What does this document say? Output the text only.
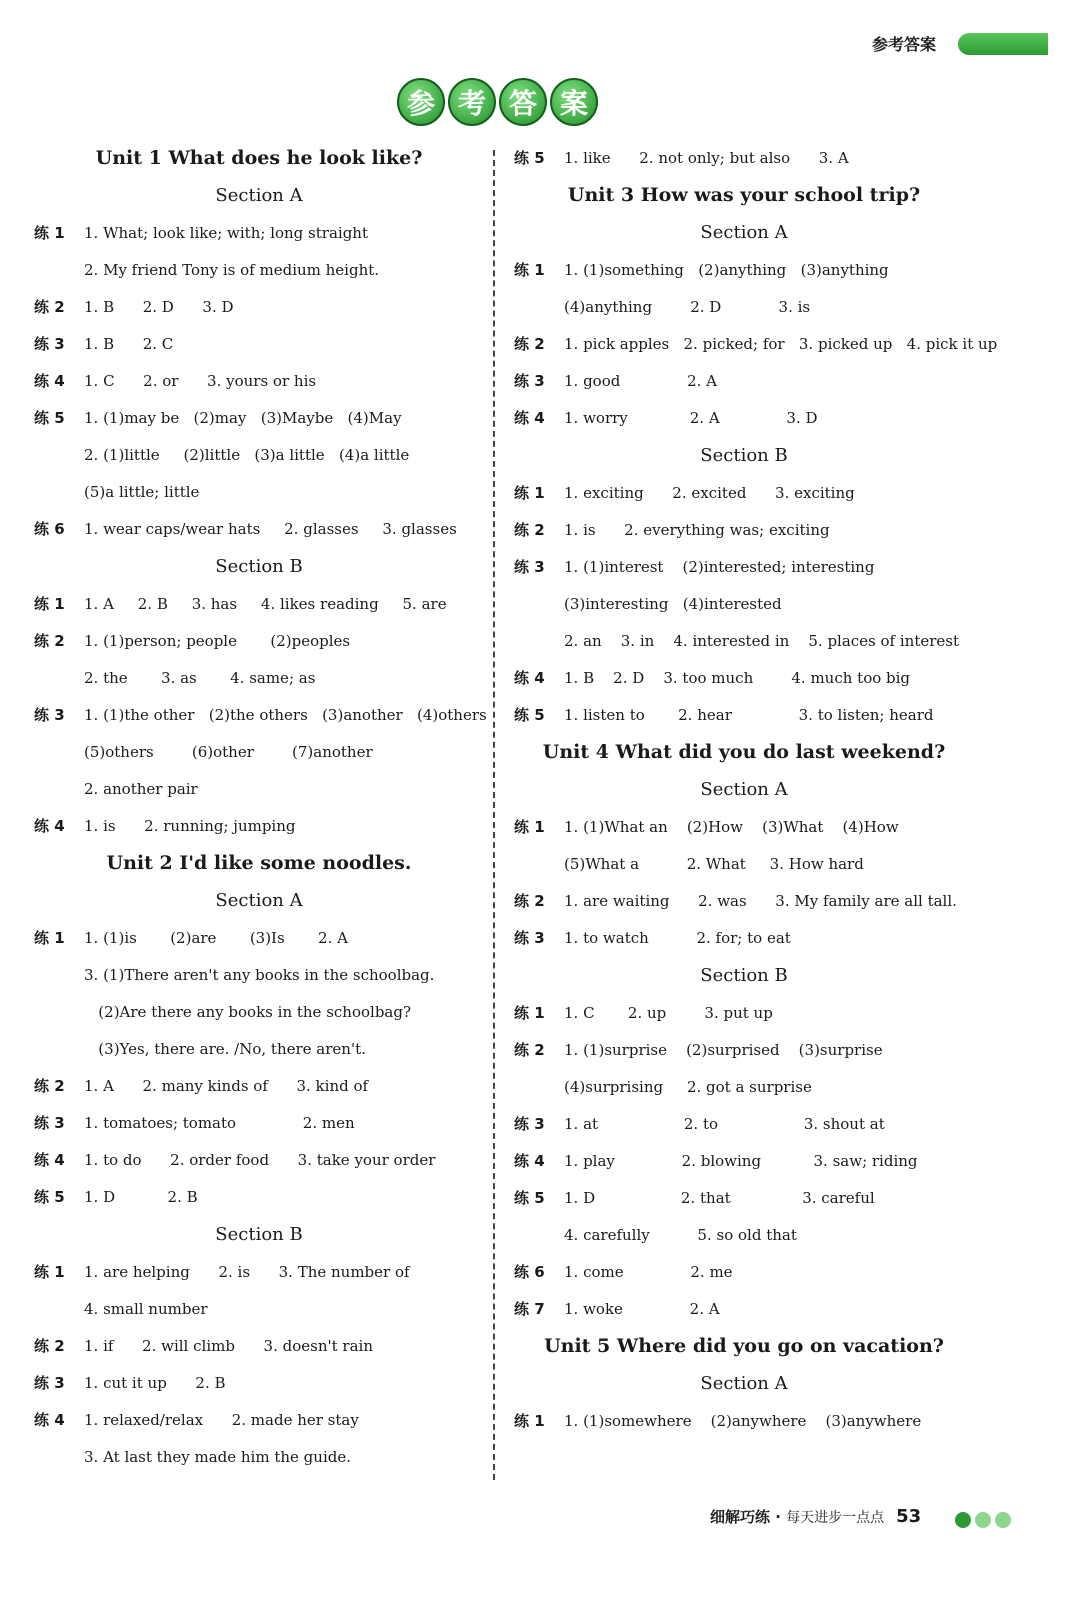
参考答案
参 考 答 案
Unit 1 What does he look like?
Section A
练 1 1. What; look like; with; long straight
2. My friend Tony is of medium height.
练 2 1. B      2. D      3. D
练 3 1. B      2. C
练 4 1. C      2. or      3. yours or his
练 5 1. (1)may be   (2)may   (3)Maybe   (4)May
2. (1)little     (2)little   (3)a little   (4)a little
(5)a little; little
练 6 1. wear caps/wear hats     2. glasses     3. glasses
Section B
练 1 1. A     2. B     3. has     4. likes reading     5. are
练 2 1. (1)person; people       (2)peoples
2. the       3. as       4. same; as
练 3 1. (1)the other   (2)the others   (3)another   (4)others
(5)others        (6)other        (7)another
2. another pair
练 4 1. is      2. running; jumping
Unit 2 I'd like some noodles.
Section A
练 1 1. (1)is       (2)are       (3)Is       2. A
3. (1)There aren't any books in the schoolbag.
(2)Are there any books in the schoolbag?
(3)Yes, there are. /No, there aren't.
练 2 1. A      2. many kinds of      3. kind of
练 3 1. tomatoes; tomato              2. men
练 4 1. to do      2. order food      3. take your order
练 5 1. D           2. B
Section B
练 1 1. are helping      2. is      3. The number of
4. small number
练 2 1. if      2. will climb      3. doesn't rain
练 3 1. cut it up      2. B
练 4 1. relaxed/relax      2. made her stay
3. At last they made him the guide.
练 5 1. like      2. not only; but also      3. A
Unit 3 How was your school trip?
Section A
练 1 1. (1)something   (2)anything   (3)anything
(4)anything        2. D            3. is
练 2 1. pick apples   2. picked; for   3. picked up   4. pick it up
练 3 1. good              2. A
练 4 1. worry             2. A              3. D
Section B
练 1 1. exciting      2. excited      3. exciting
练 2 1. is      2. everything was; exciting
练 3 1. (1)interest    (2)interested; interesting
(3)interesting   (4)interested
2. an    3. in    4. interested in    5. places of interest
练 4 1. B    2. D    3. too much        4. much too big
练 5 1. listen to       2. hear              3. to listen; heard
Unit 4 What did you do last weekend?
Section A
练 1 1. (1)What an    (2)How    (3)What    (4)How
(5)What a          2. What     3. How hard
练 2 1. are waiting      2. was      3. My family are all tall.
练 3 1. to watch          2. for; to eat
Section B
练 1 1. C       2. up        3. put up
练 2 1. (1)surprise    (2)surprised    (3)surprise
(4)surprising     2. got a surprise
练 3 1. at                  2. to                  3. shout at
练 4 1. play              2. blowing           3. saw; riding
练 5 1. D                  2. that               3. careful
4. carefully          5. so old that
练 6 1. come              2. me
练 7 1. woke              2. A
Unit 5 Where did you go on vacation?
Section A
练 1 1. (1)somewhere    (2)anywhere    (3)anywhere
细解巧练 · 每天进步一点点 53
